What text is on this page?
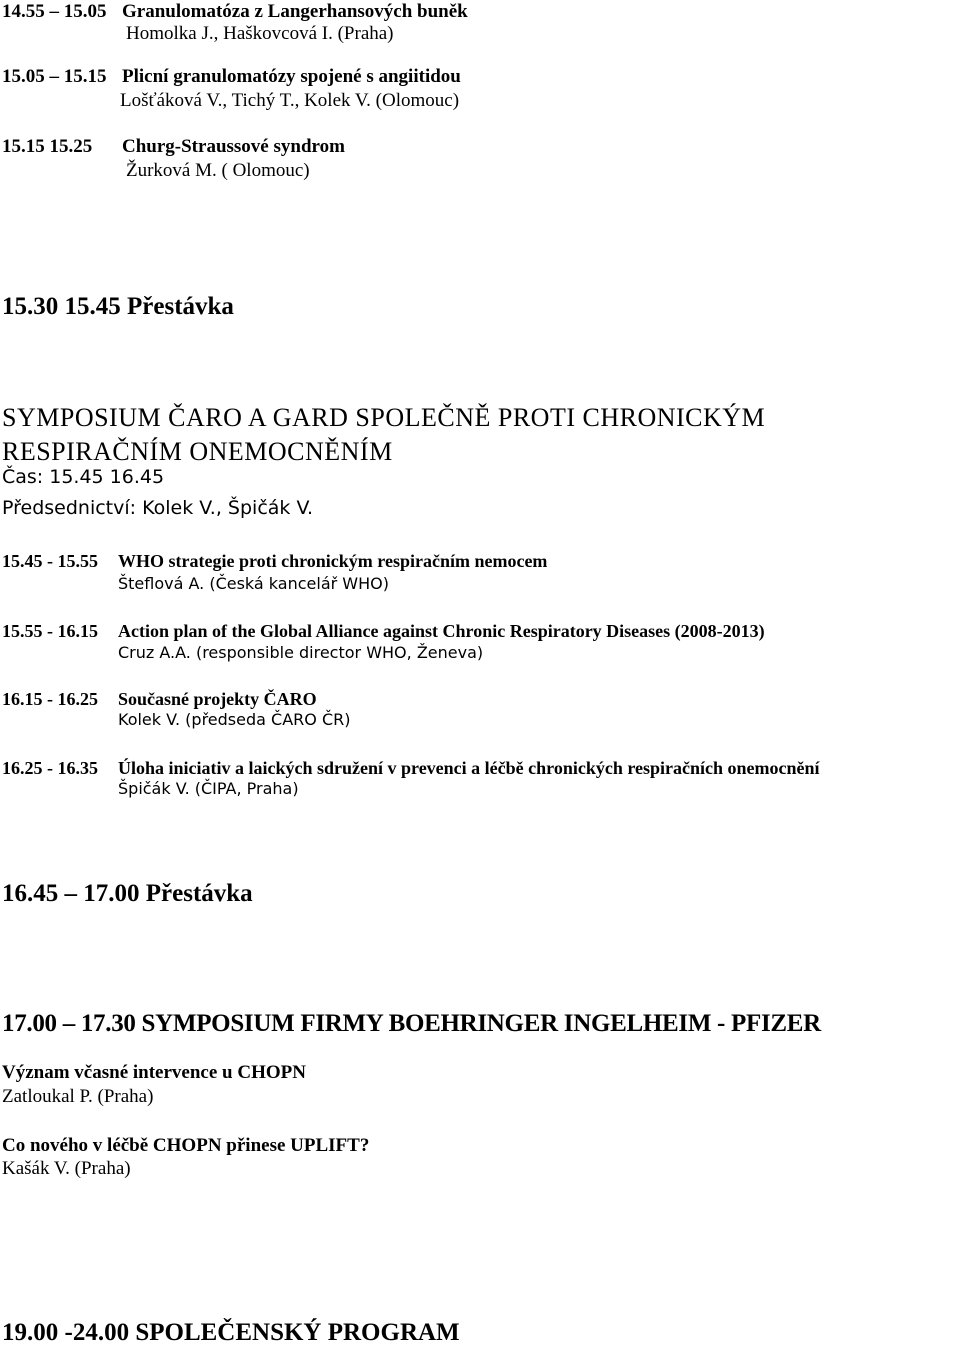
14.55 – 15.05 Granulomatóza z Langerhansových buněk
Homolka J., Haškovcová I. (Praha)
15.05 – 15.15 Plicní granulomatózy spojené s angiitidou
Lošťáková V., Tichý T., Kolek V. (Olomouc)
15.15 15.25 Churg-Straussové syndrom
Žurková M. ( Olomouc)
15.30 15.45 Přestávka
SYMPOSIUM ČARO A GARD SPOLEČNĚ PROTI CHRONICKÝM
RESPIRAČNÍM ONEMOCNĚNÍM
Čas: 15.45 16.45
Předsednictví: Kolek V., Špičák V.
15.45 - 15.55 WHO strategie proti chronickým respiračním nemocem
Šteflová A. (Česká kancelář WHO)
15.55 - 16.15 Action plan of the Global Alliance against Chronic Respiratory Diseases (2008-2013)
Cruz A.A. (responsible director WHO, Ženeva)
16.15 - 16.25 Současné projekty ČARO
Kolek V. (předseda ČARO ČR)
16.25 - 16.35 Úloha iniciativ a laických sdružení v prevenci a léčbě chronických respiračních onemocnění
Špičák V. (ČIPA, Praha)
16.45 – 17.00 Přestávka
17.00 – 17.30 SYMPOSIUM FIRMY BOEHRINGER INGELHEIM - PFIZER
Význam včasné intervence u CHOPN
Zatloukal P. (Praha)
Co nového v léčbě CHOPN přinese UPLIFT?
Kašák V. (Praha)
19.00 -24.00 SPOLEČENSKÝ PROGRAM
